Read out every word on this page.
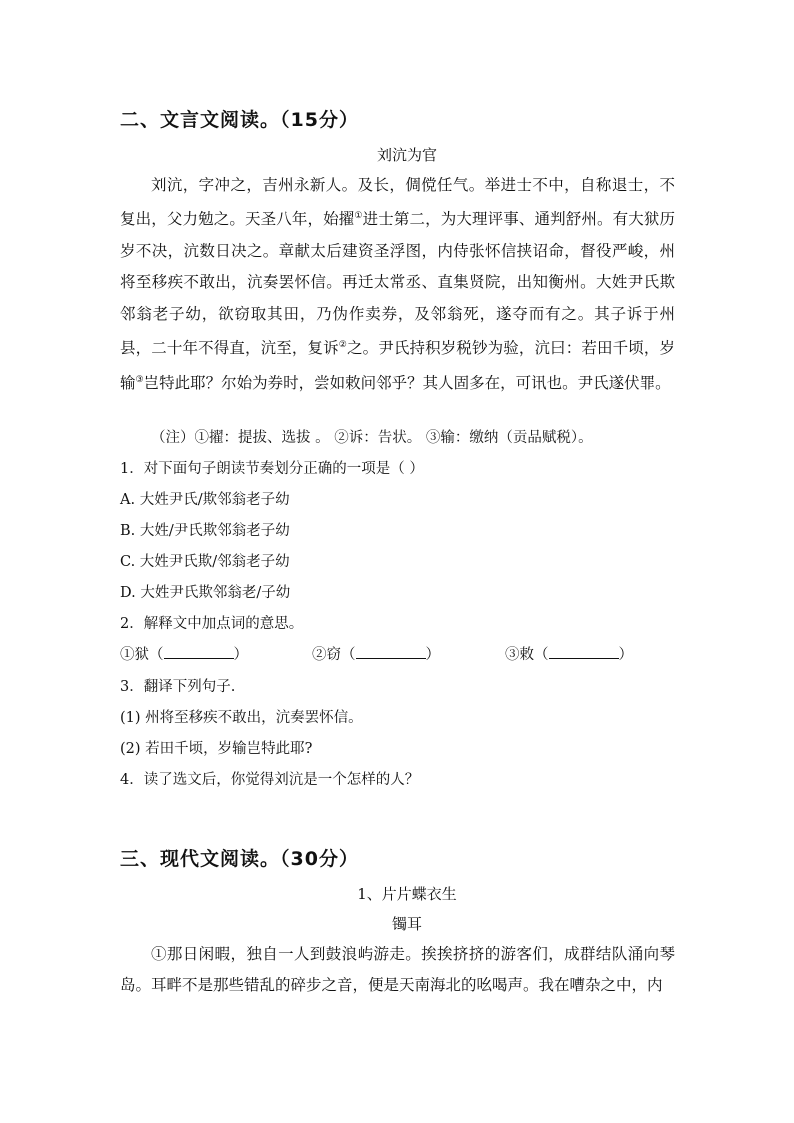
二、文言文阅读。（15分）
刘沆为官

刘沆，字冲之，吉州永新人。及长，倜傥任气。举进士不中，自称退士，不复出，父力勉之。天圣八年，始擢①进士第二，为大理评事、通判舒州。有大狱历岁不决，沆数日决之。章献太后建资圣浮图，内侍张怀信挟诏命，督役严峻，州将至移疾不敢出，沆奏罢怀信。再迁太常丞、直集贤院，出知衡州。大姓尹氏欺邻翁老子幼，欲窃取其田，乃伪作卖券，及邻翁死，遂夺而有之。其子诉于州县，二十年不得直，沆至，复诉②之。尹氏持积岁税钞为验，沆曰：若田千顷，岁输③岂特此耶？尔始为券时，尝如敕问邻乎？其人固多在，可讯也。尹氏遂伏罪。

（注）①擢：提拔、选拔 。 ②诉：告状。 ③输：缴纳（贡品赋税）。
1．对下面句子朗读节奏划分正确的一项是（ ）
A. 大姓尹氏/欺邻翁老子幼
B. 大姓/尹氏欺邻翁老子幼
C. 大姓尹氏欺/邻翁老子幼
D. 大姓尹氏欺邻翁老/子幼
2．解释文中加点词的意思。
①狱（	）	②窃（	）	③敕（	）
3．翻译下列句子.
(1) 州将至移疾不敢出，沆奏罢怀信。
(2) 若田千顷，岁输岂特此耶?
4．读了选文后，你觉得刘沆是一个怎样的人？
三、现代文阅读。（30分）
1、片片蝶衣生
镯耳

①那日闲暇，独自一人到鼓浪屿游走。挨挨挤挤的游客们，成群结队涌向琴岛。耳畔不是那些错乱的碎步之音，便是天南海北的吆喝声。我在嘈杂之中，内
